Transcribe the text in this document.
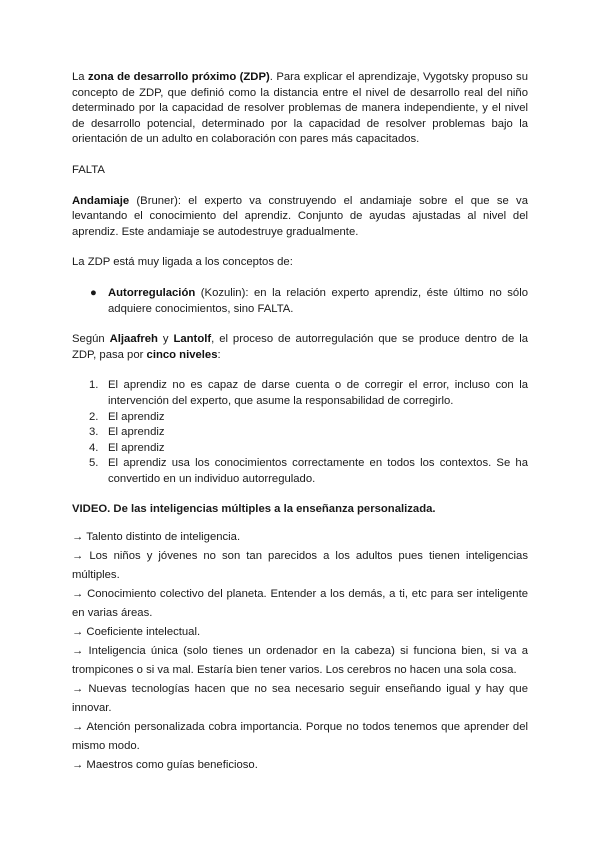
La zona de desarrollo próximo (ZDP). Para explicar el aprendizaje, Vygotsky propuso su concepto de ZDP, que definió como la distancia entre el nivel de desarrollo real del niño determinado por la capacidad de resolver problemas de manera independiente, y el nivel de desarrollo potencial, determinado por la capacidad de resolver problemas bajo la orientación de un adulto en colaboración con pares más capacitados.

FALTA

Andamiaje (Bruner): el experto va construyendo el andamiaje sobre el que se va levantando el conocimiento del aprendiz. Conjunto de ayudas ajustadas al nivel del aprendiz. Este andamiaje se autodestruye gradualmente.

La ZDP está muy ligada a los conceptos de:

● Autorregulación (Kozulin): en la relación experto aprendiz, éste último no sólo adquiere conocimientos, sino FALTA.

Según Aljaafreh y Lantolf, el proceso de autorregulación que se produce dentro de la ZDP, pasa por cinco niveles:

1. El aprendiz no es capaz de darse cuenta o de corregir el error, incluso con la intervención del experto, que asume la responsabilidad de corregirlo.
2. El aprendiz
3. El aprendiz
4. El aprendiz
5. El aprendiz usa los conocimientos correctamente en todos los contextos. Se ha convertido en un individuo autorregulado.

VIDEO. De las inteligencias múltiples a la enseñanza personalizada.

→ Talento distinto de inteligencia.

→ Los niños y jóvenes no son tan parecidos a los adultos pues tienen inteligencias múltiples.

→ Conocimiento colectivo del planeta. Entender a los demás, a ti, etc para ser inteligente en varias áreas.

→ Coeficiente intelectual.

→ Inteligencia única (solo tienes un ordenador en la cabeza) si funciona bien, si va a trompicones o si va mal. Estaría bien tener varios. Los cerebros no hacen una sola cosa.

→ Nuevas tecnologías hacen que no sea necesario seguir enseñando igual y hay que innovar.

→ Atención personalizada cobra importancia. Porque no todos tenemos que aprender del mismo modo.

→ Maestros como guías beneficioso.
